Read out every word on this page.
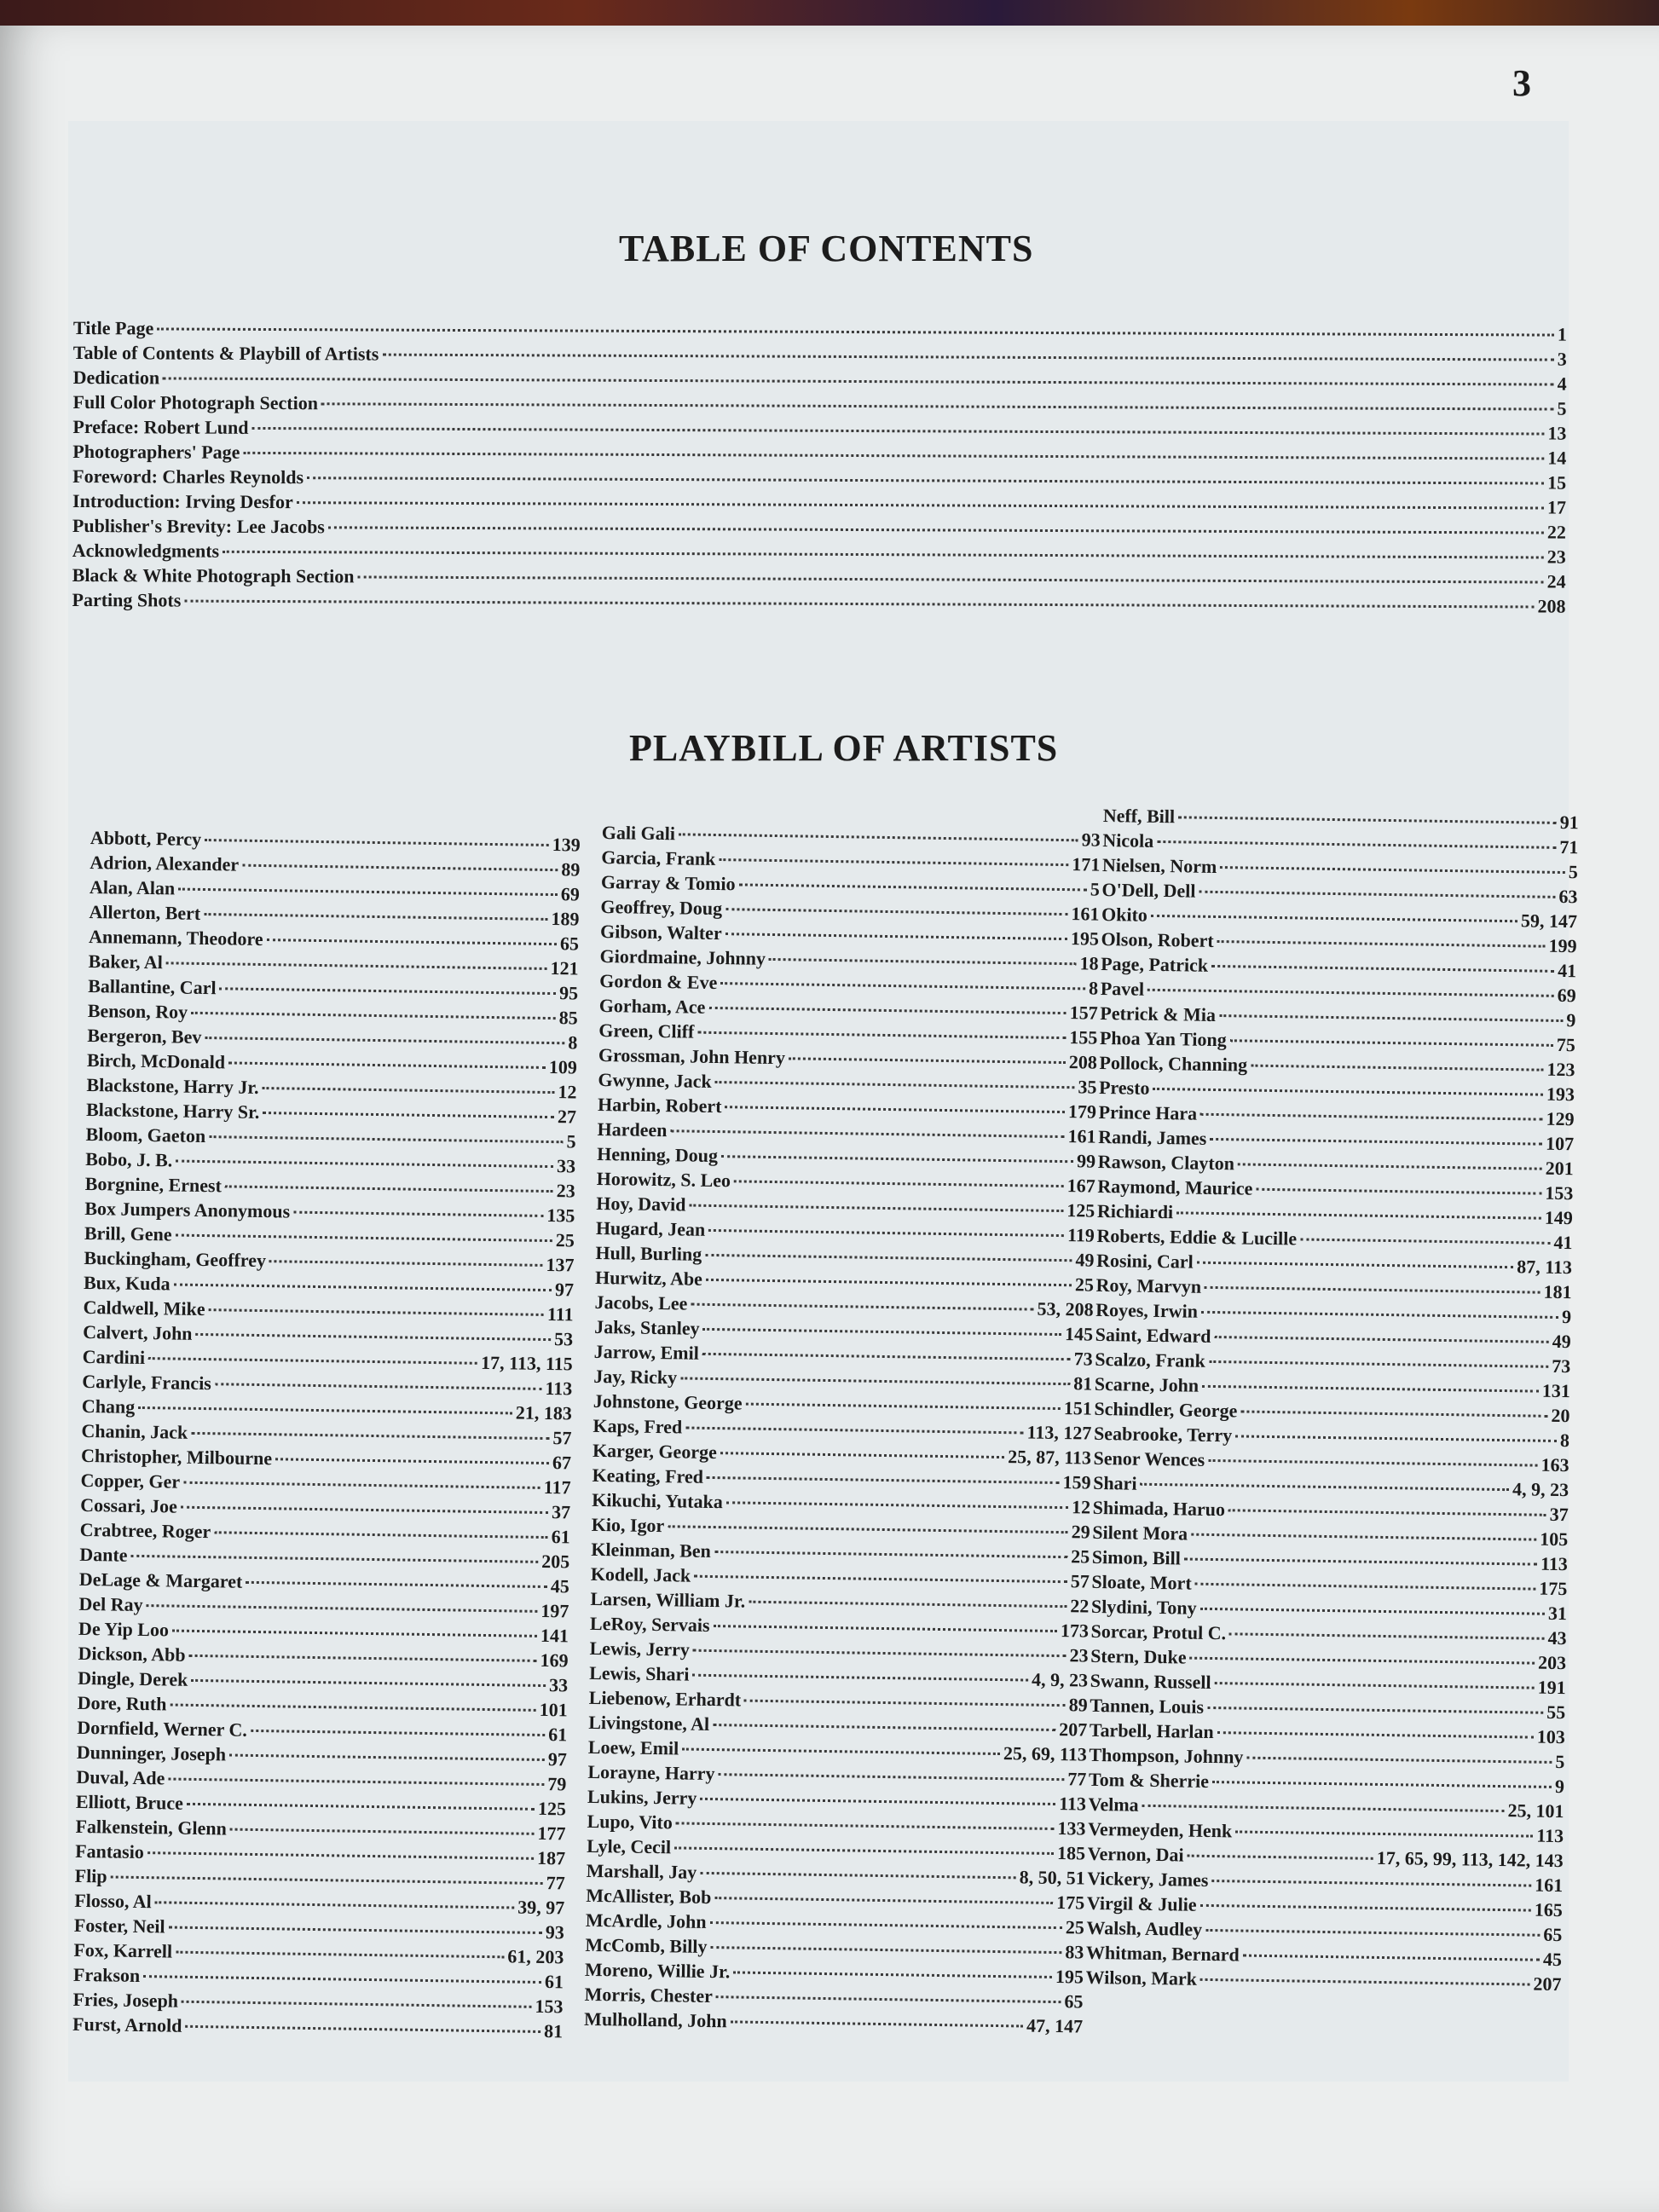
3

TABLE OF CONTENTS
Title Page	1
Table of Contents & Playbill of Artists	3
Dedication	4
Full Color Photograph Section	5
Preface: Robert Lund	13
Photographers' Page	14
Foreword: Charles Reynolds	15
Introduction: Irving Desfor	17
Publisher's Brevity: Lee Jacobs	22
Acknowledgments	23
Black & White Photograph Section	24
Parting Shots	208
PLAYBILL OF ARTISTS
Abbott, Percy	139
Adrion, Alexander	89
Alan, Alan	69
Allerton, Bert	189
Annemann, Theodore	65
Baker, Al	121
Ballantine, Carl	95
Benson, Roy	85
Bergeron, Bev	8
Birch, McDonald	109
Blackstone, Harry Jr.	12
Blackstone, Harry Sr.	27
Bloom, Gaeton	5
Bobo, J. B.	33
Borgnine, Ernest	23
Box Jumpers Anonymous	135
Brill, Gene	25
Buckingham, Geoffrey	137
Bux, Kuda	97
Caldwell, Mike	111
Calvert, John	53
Cardini	17, 113, 115
Carlyle, Francis	113
Chang	21, 183
Chanin, Jack	57
Christopher, Milbourne	67
Copper, Ger	117
Cossari, Joe	37
Crabtree, Roger	61
Dante	205
DeLage & Margaret	45
Del Ray	197
De Yip Loo	141
Dickson, Abb	169
Dingle, Derek	33
Dore, Ruth	101
Dornfield, Werner C.	61
Dunninger, Joseph	97
Duval, Ade	79
Elliott, Bruce	125
Falkenstein, Glenn	177
Fantasio	187
Flip	77
Flosso, Al	39, 97
Foster, Neil	93
Fox, Karrell	61, 203
Frakson	61
Fries, Joseph	153
Furst, Arnold	81
Gali Gali	93
Garcia, Frank	171
Garray & Tomio	5
Geoffrey, Doug	161
Gibson, Walter	195
Giordmaine, Johnny	18
Gordon & Eve	8
Gorham, Ace	157
Green, Cliff	155
Grossman, John Henry	208
Gwynne, Jack	35
Harbin, Robert	179
Hardeen	161
Henning, Doug	99
Horowitz, S. Leo	167
Hoy, David	125
Hugard, Jean	119
Hull, Burling	49
Hurwitz, Abe	25
Jacobs, Lee	53, 208
Jaks, Stanley	145
Jarrow, Emil	73
Jay, Ricky	81
Johnstone, George	151
Kaps, Fred	113, 127
Karger, George	25, 87, 113
Keating, Fred	159
Kikuchi, Yutaka	12
Kio, Igor	29
Kleinman, Ben	25
Kodell, Jack	57
Larsen, William Jr.	22
LeRoy, Servais	173
Lewis, Jerry	23
Lewis, Shari	4, 9, 23
Liebenow, Erhardt	89
Livingstone, Al	207
Loew, Emil	25, 69, 113
Lorayne, Harry	77
Lukins, Jerry	113
Lupo, Vito	133
Lyle, Cecil	185
Marshall, Jay	8, 50, 51
McAllister, Bob	175
McArdle, John	25
McComb, Billy	83
Moreno, Willie Jr.	195
Morris, Chester	65
Mulholland, John	47, 147
Neff, Bill	91
Nicola	71
Nielsen, Norm	5
O'Dell, Dell	63
Okito	59, 147
Olson, Robert	199
Page, Patrick	41
Pavel	69
Petrick & Mia	9
Phoa Yan Tiong	75
Pollock, Channing	123
Presto	193
Prince Hara	129
Randi, James	107
Rawson, Clayton	201
Raymond, Maurice	153
Richiardi	149
Roberts, Eddie & Lucille	41
Rosini, Carl	87, 113
Roy, Marvyn	181
Royes, Irwin	9
Saint, Edward	49
Scalzo, Frank	73
Scarne, John	131
Schindler, George	20
Seabrooke, Terry	8
Senor Wences	163
Shari	4, 9, 23
Shimada, Haruo	37
Silent Mora	105
Simon, Bill	113
Sloate, Mort	175
Slydini, Tony	31
Sorcar, Protul C.	43
Stern, Duke	203
Swann, Russell	191
Tannen, Louis	55
Tarbell, Harlan	103
Thompson, Johnny	5
Tom & Sherrie	9
Velma	25, 101
Vermeyden, Henk	113
Vernon, Dai	17, 65, 99, 113, 142, 143
Vickery, James	161
Virgil & Julie	165
Walsh, Audley	65
Whitman, Bernard	45
Wilson, Mark	207
